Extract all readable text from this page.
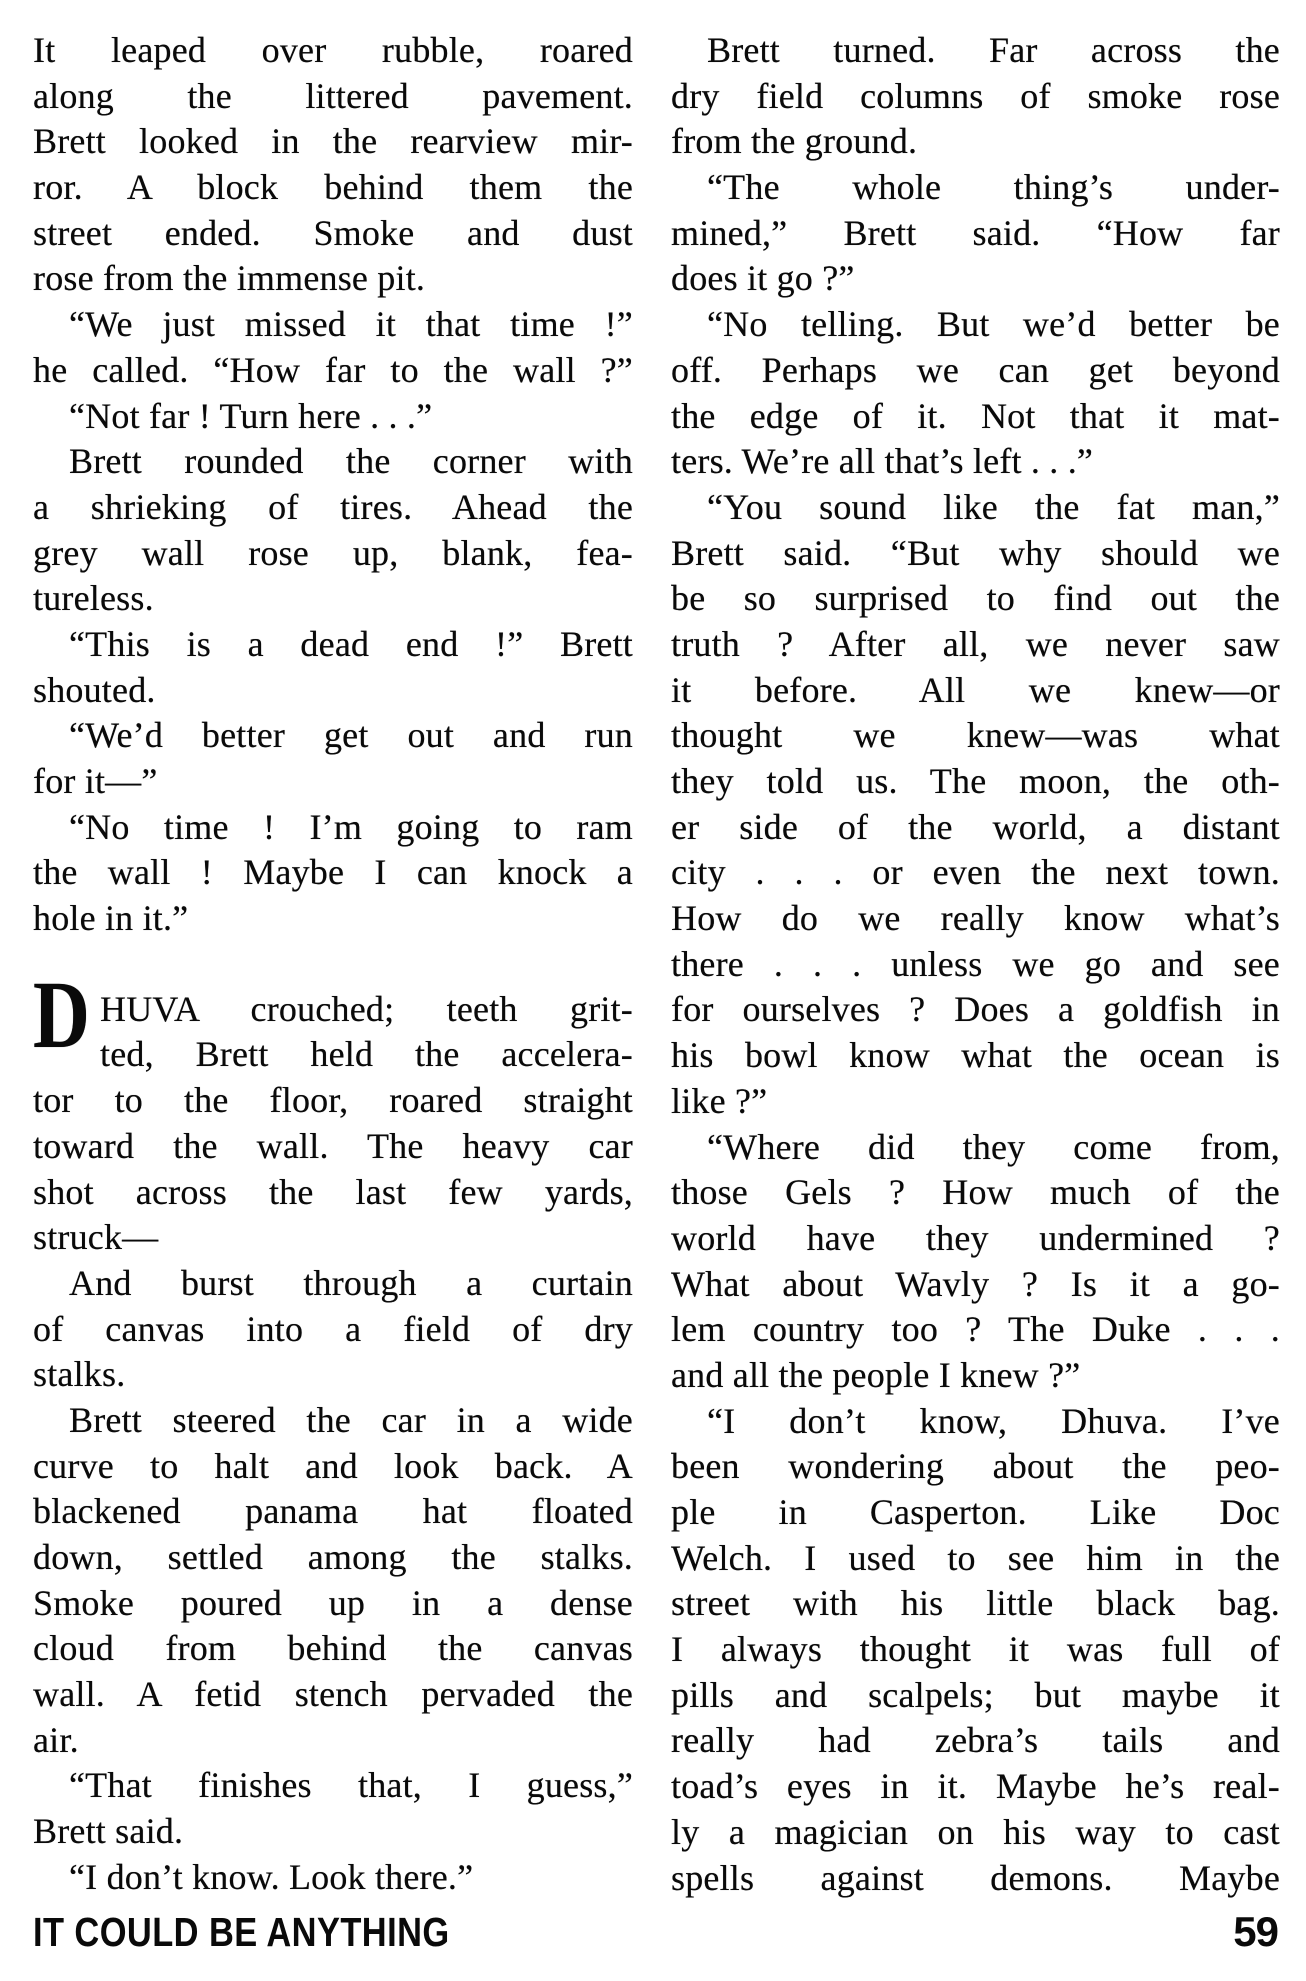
It leaped over rubble, roared
along the littered pavement.
Brett looked in the rearview mir-
ror. A block behind them the
street ended. Smoke and dust
rose from the immense pit.
“We just missed it that time !”
he called. “How far to the wall ?”
“Not far ! Turn here . . .”
Brett rounded the corner with
a shrieking of tires. Ahead the
grey wall rose up, blank, fea-
tureless.
“This is a dead end !” Brett
shouted.
“We’d better get out and run
for it—”
“No time ! I’m going to ram
the wall ! Maybe I can knock a
hole in it.”
D HUVA crouched; teeth grit-
ted, Brett held the accelera-
tor to the floor, roared straight
toward the wall. The heavy car
shot across the last few yards,
struck—
And burst through a curtain
of canvas into a field of dry
stalks.
Brett steered the car in a wide
curve to halt and look back. A
blackened panama hat floated
down, settled among the stalks.
Smoke poured up in a dense
cloud from behind the canvas
wall. A fetid stench pervaded the
air.
“That finishes that, I guess,”
Brett said.
“I don’t know. Look there.”
Brett turned. Far across the
dry field columns of smoke rose
from the ground.
“The whole thing’s under-
mined,” Brett said. “How far
does it go ?”
“No telling. But we’d better be
off. Perhaps we can get beyond
the edge of it. Not that it mat-
ters. We’re all that’s left . . .”
“You sound like the fat man,”
Brett said. “But why should we
be so surprised to find out the
truth ? After all, we never saw
it before. All we knew—or
thought we knew—was what
they told us. The moon, the oth-
er side of the world, a distant
city . . . or even the next town.
How do we really know what’s
there . . . unless we go and see
for ourselves ? Does a goldfish in
his bowl know what the ocean is
like ?”
“Where did they come from,
those Gels ? How much of the
world have they undermined ?
What about Wavly ? Is it a go-
lem country too ? The Duke . . .
and all the people I knew ?”
“I don’t know, Dhuva. I’ve
been wondering about the peo-
ple in Casperton. Like Doc
Welch. I used to see him in the
street with his little black bag.
I always thought it was full of
pills and scalpels; but maybe it
really had zebra’s tails and
toad’s eyes in it. Maybe he’s real-
ly a magician on his way to cast
spells against demons. Maybe
IT COULD BE ANYTHING	59
